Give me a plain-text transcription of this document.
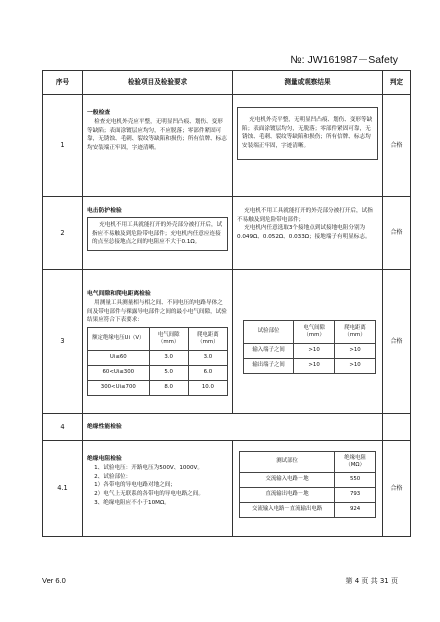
№: JW161987－Safety
序号	检验项目及检验要求	测量或观察结果	判定
1	
一般检查
检查充电机外壳应平整，无明显凹凸痕、划伤、变形等缺陷；表面涂镀层应均匀，不应脱落；零部件紧固可靠，无锈蚀、毛刺、裂纹等缺陷和损伤；所有信牌、标志均安装端正牢固，字迹清晰。

充电机外壳平整，无明显凹凸痕、划伤、变形等缺陷；表面涂镀层均匀，无脱落；零部件紧固可靠，无锈蚀、毛刺、裂纹等缺陷和损伤；所有信牌、标志均安装端正牢固，字迹清晰。	合格
2	
电击防护检验
充电机不用工具就能打开的外壳部分被打开后，试指应不易触及到危险带电部件；充电机内任意应连接的点至总接地点之间的电阻应不大于0.1Ω。

充电机不用工具就能打开的外壳部分被打开后，试指不易触及到危险带电部件；
充电机内任意选取3个接地点到试接地电阻分别为0.049Ω、0.052Ω、0.033Ω；接地端子有明显标志。
	合格
3	
电气间隙和爬电距离检验
用测量工具测量相与相之间、不同电压的电路导体之间及带电部件与裸露导电部件之间的最小电气间隙，试验结果应符合下表要求：
额定绝缘电压Ui（V）	电气间隙（mm）	爬电距离（mm）
Ui≤60	3.0	3.0
60<Ui≤300	5.0	6.0
300<Ui≤700	8.0	10.0

试验部位	电气间隙（mm）	爬电距离（mm）
输入端子之间	>10	>10
输出端子之间	>10	>10
	合格
4	绝缘性能检验

4.1	
绝缘电阻检验
1、试验电压：开路电压为500V、1000V。
2、试验部位：
1）各带电的导电电路对地之间；
2）电气上无联系的各带电的导电电路之间。
3、绝缘电阻应不小于10MΩ。

测试部位	绝缘电阻（MΩ）
交流输入电路－地	550
直流输出电路－地	793
交流输入电路－直流输出电路	924
	合格
Ver 6.0	第 4 页 共 31 页
